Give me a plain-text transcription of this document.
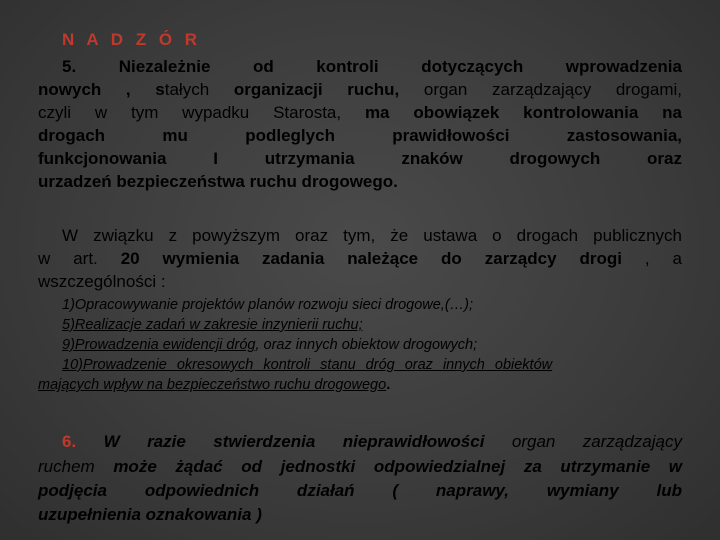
N A D Z Ó R
5. Niezależnie od kontroli dotyczących wprowadzenia
nowych , stałych organizacji ruchu, organ zarządzający drogami,
czyli w tym wypadku Starosta, ma obowiązek kontrolowania na
drogach mu podleglych prawidłowości zastosowania,
funkcjonowania I utrzymania znaków drogowych oraz
urzadzeń bezpieczeństwa ruchu drogowego.
W związku z powyższym oraz tym, że ustawa o drogach publicznych
w art. 20 wymienia zadania należące do zarządcy drogi , a
wszczególności :
1)Opracowywanie projektów planów rozwoju sieci drogowe,(…);
5)Realizacje zadań w zakresie inzynierii ruchu;
9)Prowadzenia ewidencji dróg, oraz innych obiektow drogowych;
10)Prowadzenie okresowych kontroli stanu dróg oraz innych obiektów
mających wpływ na bezpieczeństwo ruchu drogowego.
6. W razie stwierdzenia nieprawidłowości organ zarządzający
ruchem może żądać od jednostki odpowiedzialnej za utrzymanie w
podjęcia odpowiednich działań ( naprawy, wymiany lub
uzupełnienia oznakowania )
